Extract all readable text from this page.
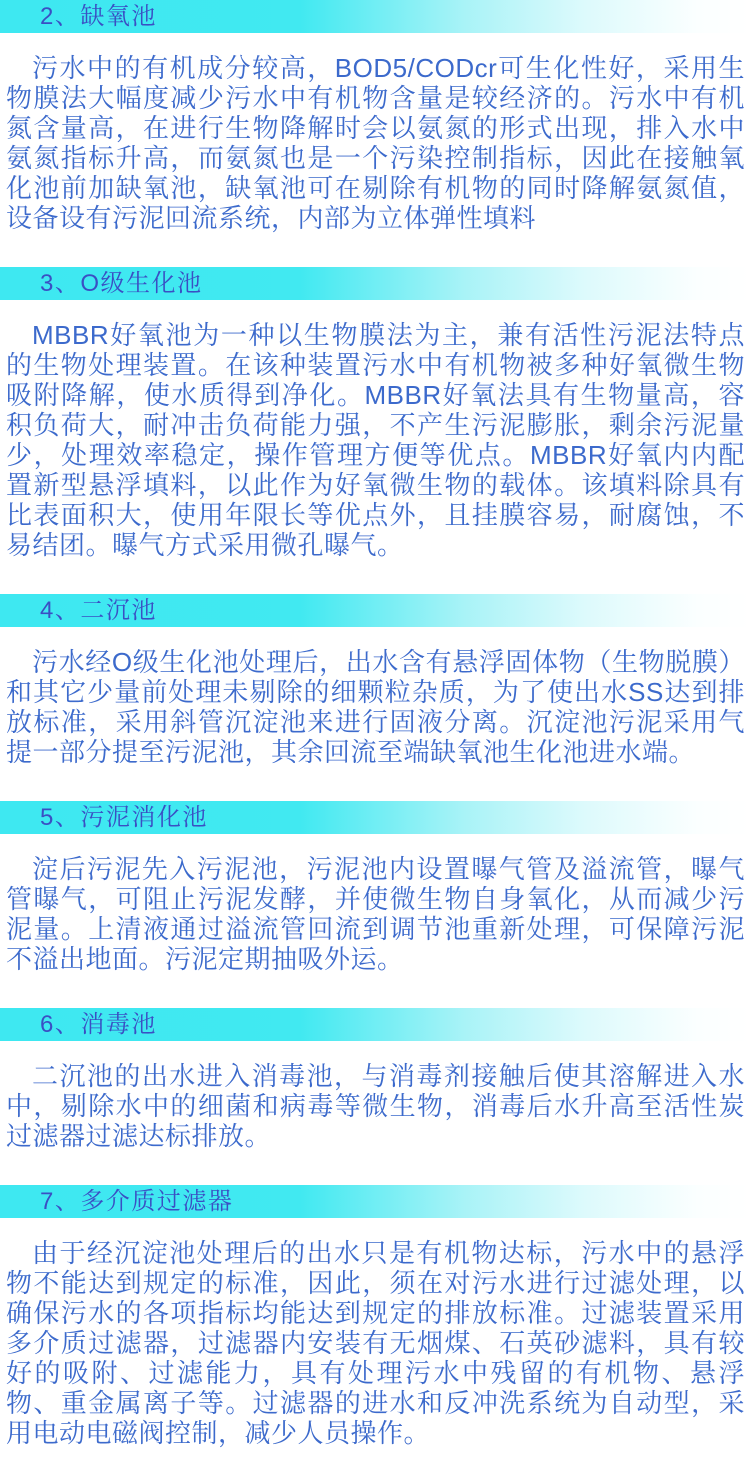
2、缺氧池

污水中的有机成分较高，BOD5/CODcr可生化性好，采用生物膜法大幅度减少污水中有机物含量是较经济的。污水中有机氮含量高，在进行生物降解时会以氨氮的形式出现，排入水中氨氮指标升高，而氨氮也是一个污染控制指标，因此在接触氧化池前加缺氧池，缺氧池可在剔除有机物的同时降解氨氮值，设备设有污泥回流系统，内部为立体弹性填料

3、O级生化池

MBBR好氧池为一种以生物膜法为主，兼有活性污泥法特点的生物处理装置。在该种装置污水中有机物被多种好氧微生物吸附降解，使水质得到净化。MBBR好氧法具有生物量高，容积负荷大，耐冲击负荷能力强，不产生污泥膨胀，剩余污泥量少，处理效率稳定，操作管理方便等优点。MBBR好氧内内配置新型悬浮填料，以此作为好氧微生物的载体。该填料除具有比表面积大，使用年限长等优点外，且挂膜容易，耐腐蚀，不易结团。曝气方式采用微孔曝气。

4、二沉池

污水经O级生化池处理后，出水含有悬浮固体物（生物脱膜）和其它少量前处理未剔除的细颗粒杂质，为了使出水SS达到排放标准，采用斜管沉淀池来进行固液分离。沉淀池污泥采用气提一部分提至污泥池，其余回流至端缺氧池生化池进水端。

5、污泥消化池

淀后污泥先入污泥池，污泥池内设置曝气管及溢流管，曝气管曝气，可阻止污泥发酵，并使微生物自身氧化，从而减少污泥量。上清液通过溢流管回流到调节池重新处理，可保障污泥不溢出地面。污泥定期抽吸外运。

6、消毒池

二沉池的出水进入消毒池，与消毒剂接触后使其溶解进入水中，剔除水中的细菌和病毒等微生物，消毒后水升高至活性炭过滤器过滤达标排放。

7、多介质过滤器

由于经沉淀池处理后的出水只是有机物达标，污水中的悬浮物不能达到规定的标准，因此，须在对污水进行过滤处理，以确保污水的各项指标均能达到规定的排放标准。过滤装置采用多介质过滤器，过滤器内安装有无烟煤、石英砂滤料，具有较好的吸附、过滤能力，具有处理污水中残留的有机物、悬浮物、重金属离子等。过滤器的进水和反冲洗系统为自动型，采用电动电磁阀控制，减少人员操作。
